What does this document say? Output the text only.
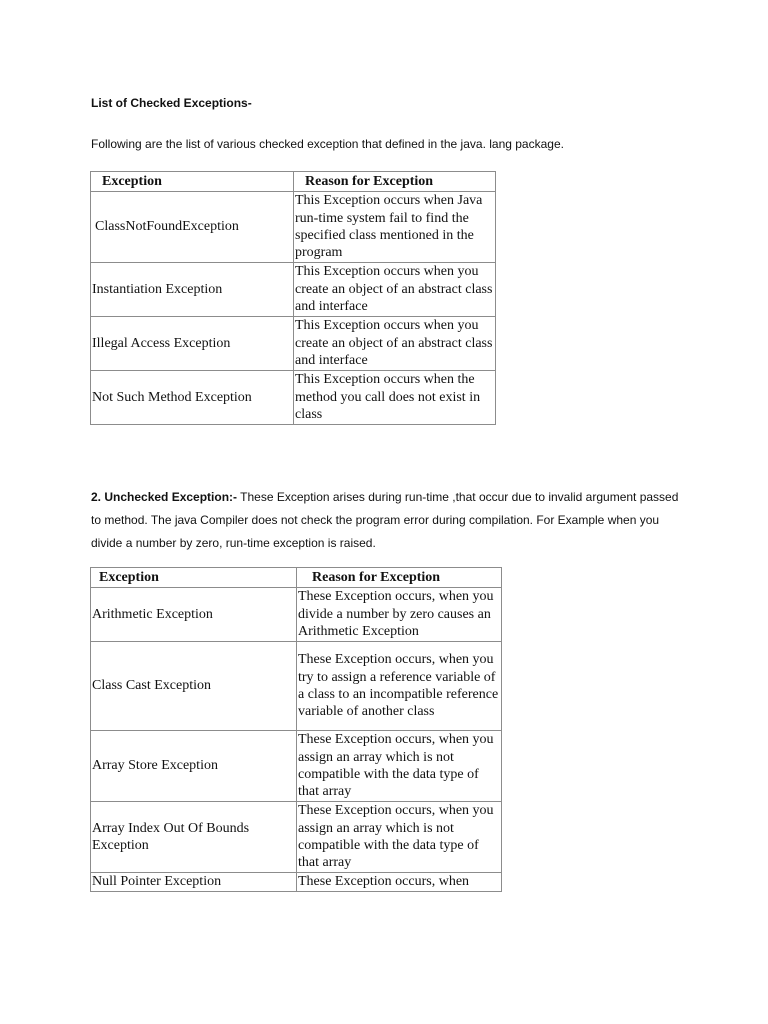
List of Checked Exceptions-
Following are the list of various checked exception that defined in the java. lang package.
Exception	Reason for Exception
ClassNotFoundException	This Exception occurs when Java run-time system fail to find the specified class mentioned in the program
Instantiation Exception	This Exception occurs when you create an object of an abstract class and interface
Illegal Access Exception	This Exception occurs when you create an object of an abstract class and interface
Not Such Method Exception	This Exception occurs when the method you call does not exist in class
2. Unchecked Exception:- These Exception arises during run-time ,that occur due to invalid argument passed to method. The java Compiler does not check the program error during compilation. For Example when you divide a number by zero, run-time exception is raised.
Exception	Reason for Exception
Arithmetic Exception	These Exception occurs, when you divide a number by zero causes an Arithmetic Exception
Class Cast Exception	These Exception occurs, when you try to assign a reference variable of a class to an incompatible reference variable of another class
Array Store Exception	These Exception occurs, when you assign an array which is not compatible with the data type of that array
Array Index Out Of Bounds Exception	These Exception occurs, when you assign an array which is not compatible with the data type of that array
Null Pointer Exception	These Exception occurs, when
